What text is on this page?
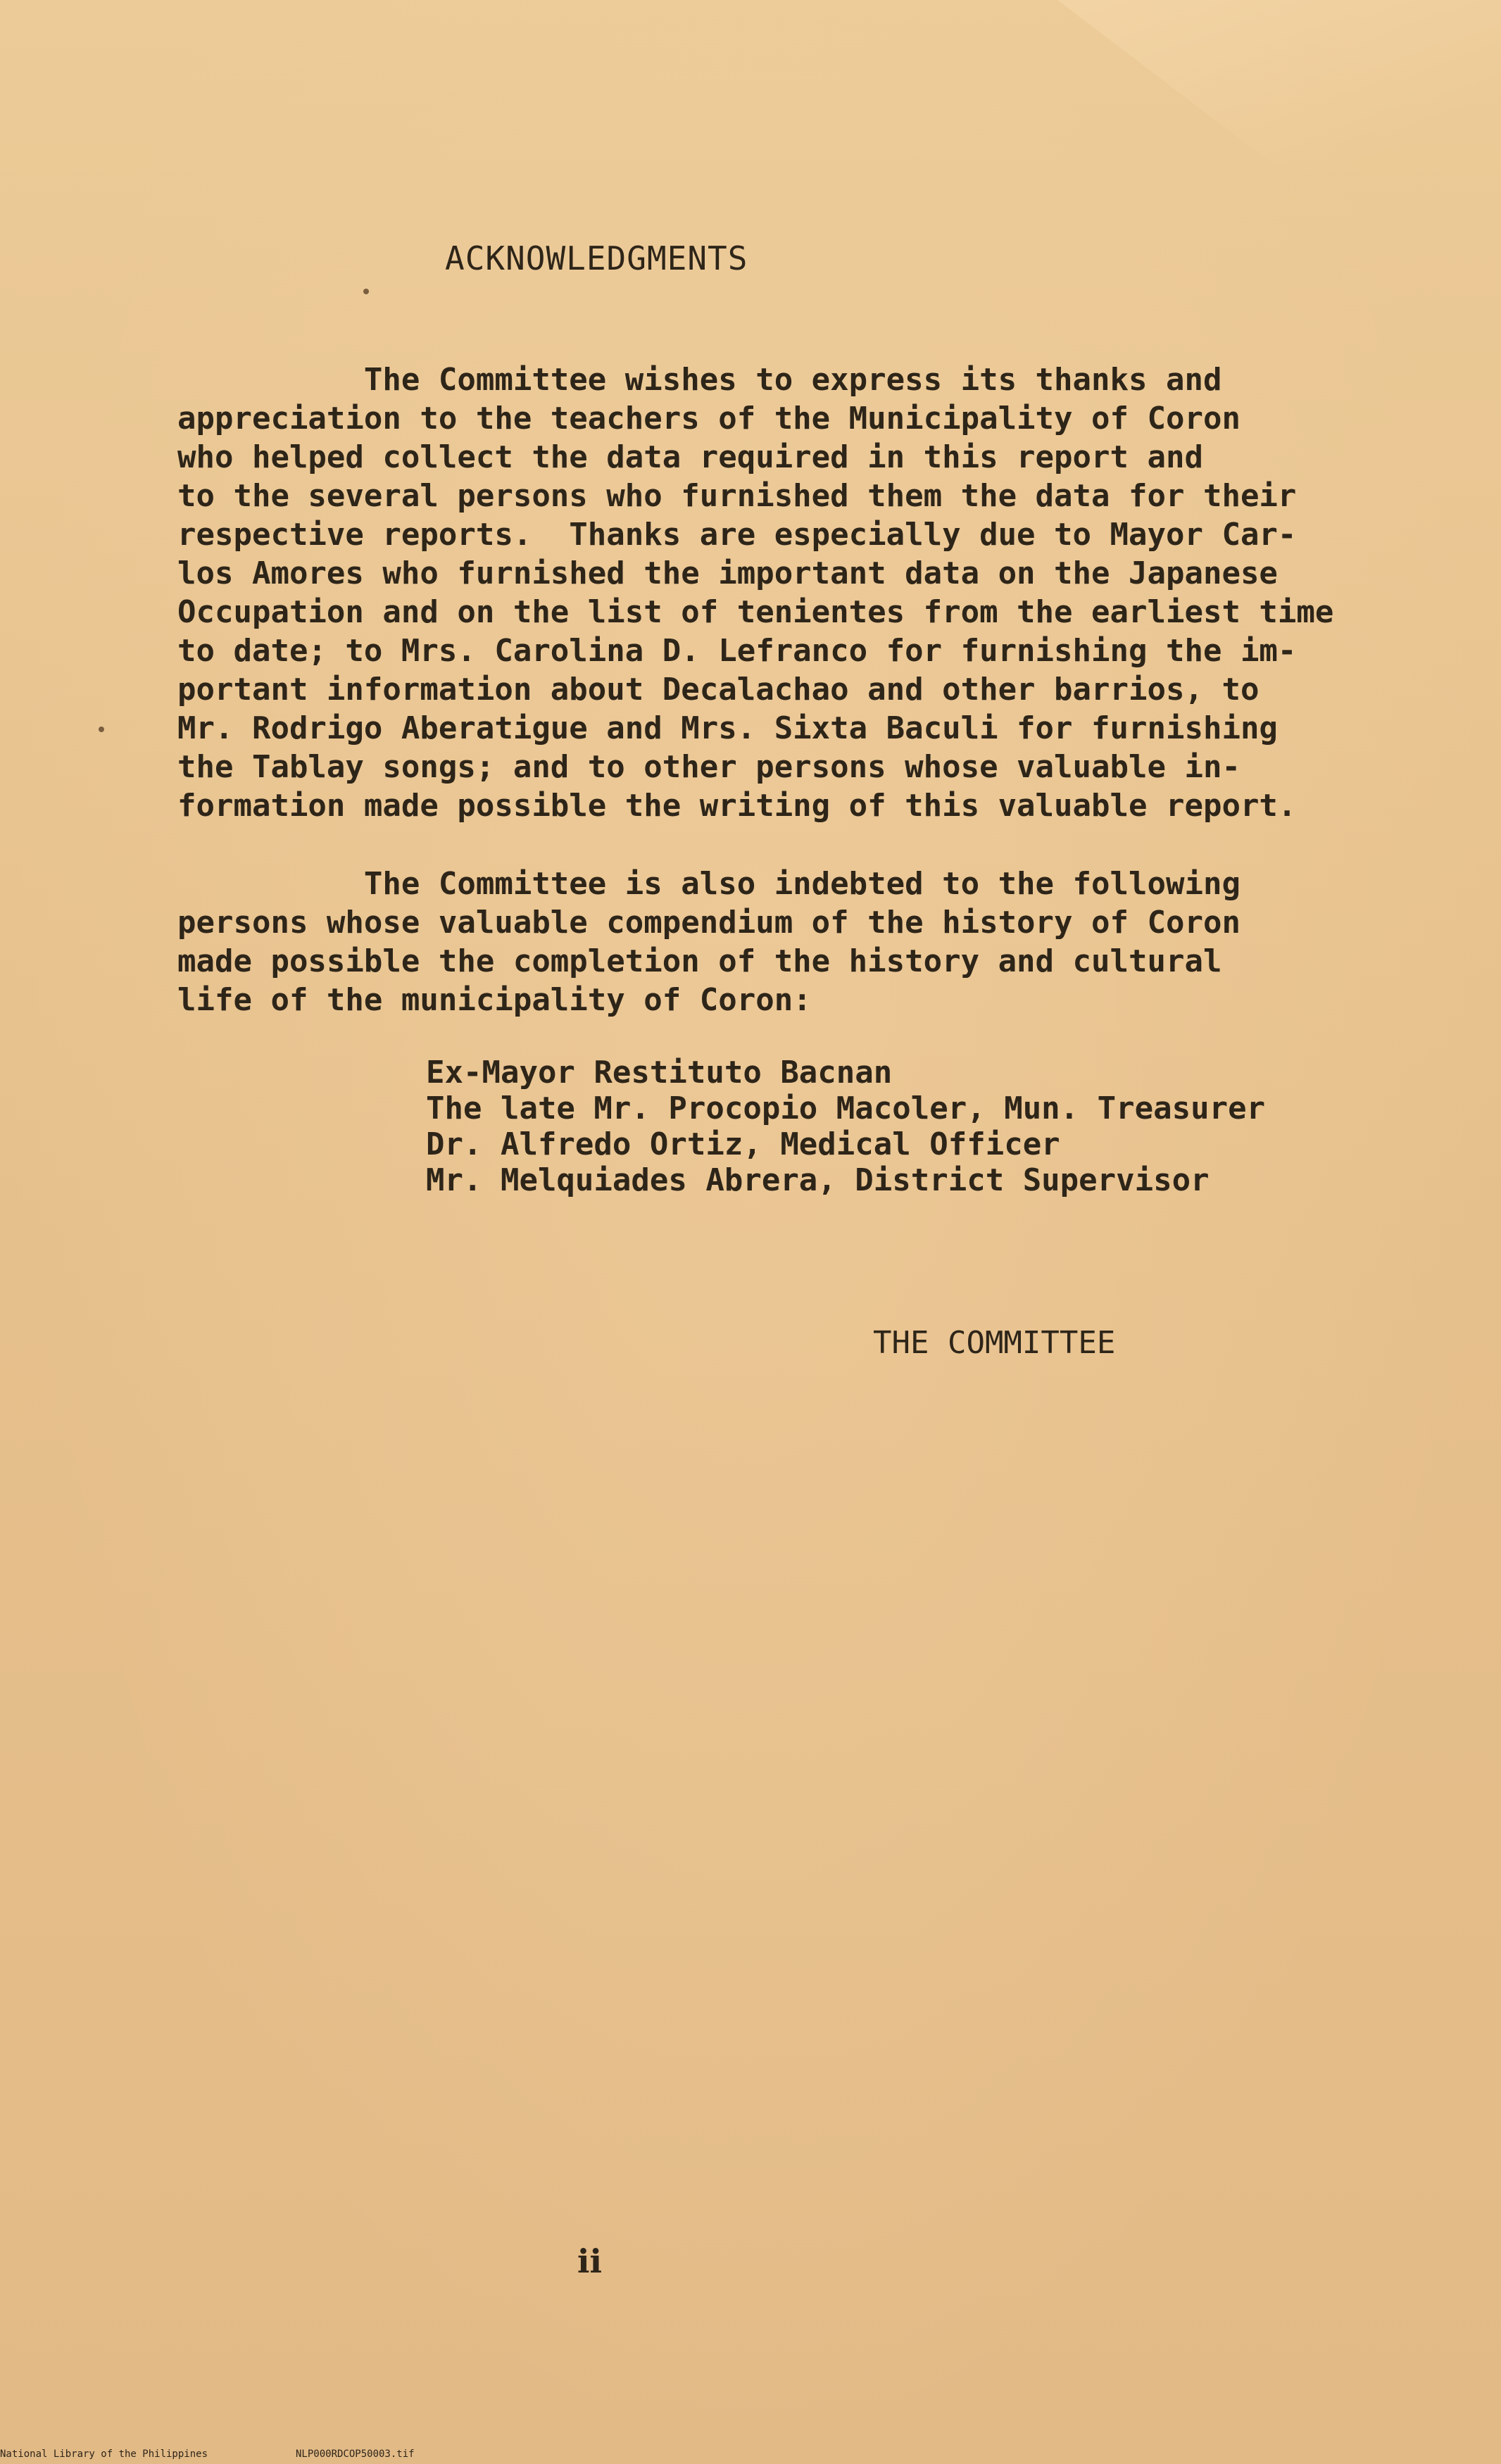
ACKNOWLEDGMENTS
The Committee wishes to express its thanks and
appreciation to the teachers of the Municipality of Coron
who helped collect the data required in this report and
to the several persons who furnished them the data for their
respective reports.  Thanks are especially due to Mayor Car-
los Amores who furnished the important data on the Japanese
Occupation and on the list of tenientes from the earliest time
to date; to Mrs. Carolina D. Lefranco for furnishing the im-
portant information about Decalachao and other barrios, to
Mr. Rodrigo Aberatigue and Mrs. Sixta Baculi for furnishing
the Tablay songs; and to other persons whose valuable in-
formation made possible the writing of this valuable report.
The Committee is also indebted to the following
persons whose valuable compendium of the history of Coron
made possible the completion of the history and cultural
life of the municipality of Coron:
Ex-Mayor Restituto Bacnan
The late Mr. Procopio Macoler, Mun. Treasurer
Dr. Alfredo Ortiz, Medical Officer
Mr. Melquiades Abrera, District Supervisor
THE COMMITTEE
ii
National Library of the Philippines	NLP000RDCOP50003.tif
